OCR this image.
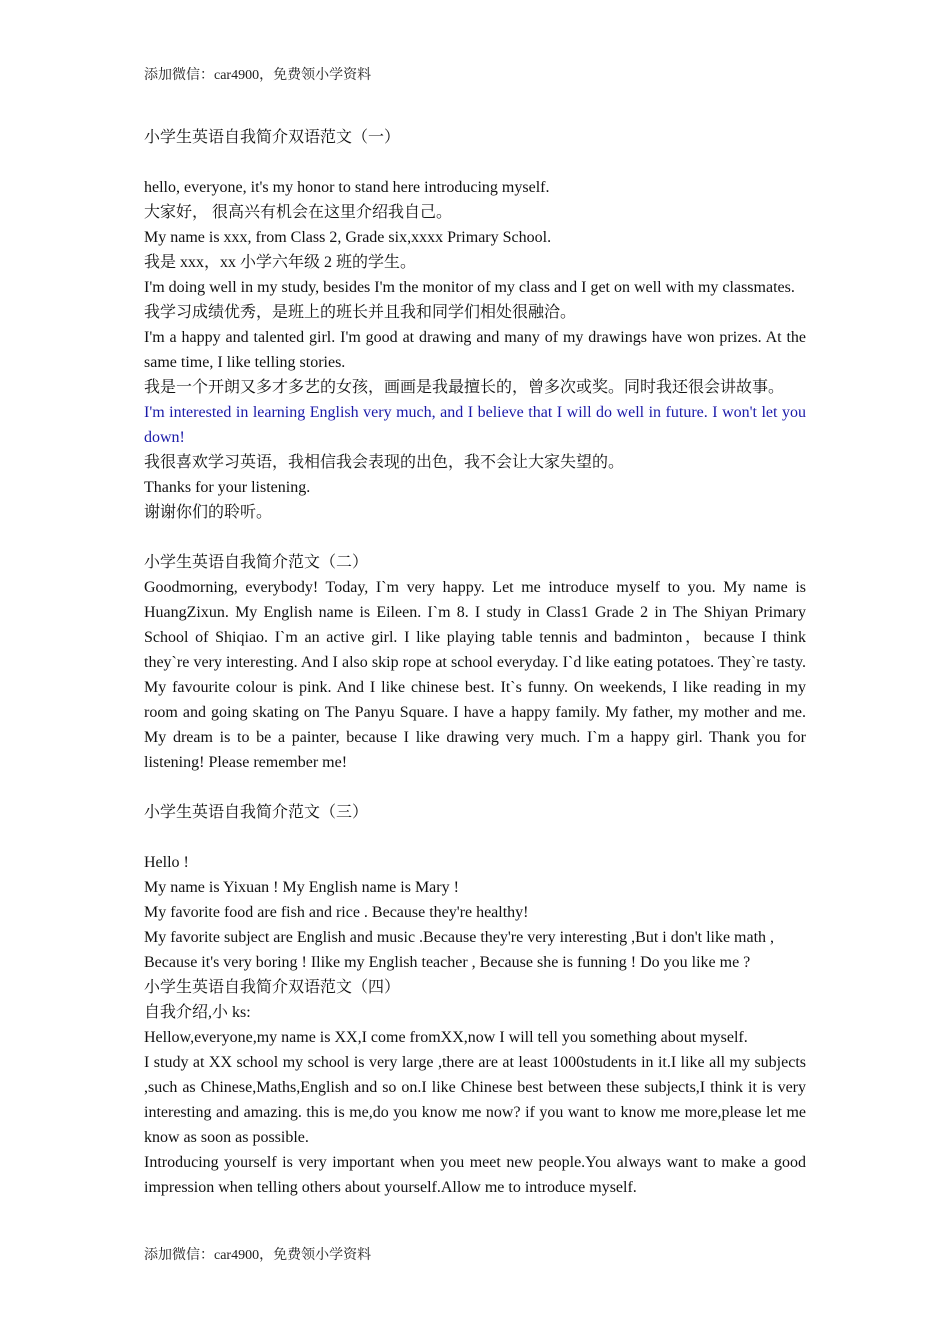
添加微信：car4900，免费领小学资料

小学生英语自我简介双语范文（一）

hello, everyone, it's my honor to stand here introducing myself.

大家好， 很高兴有机会在这里介绍我自己。

My name is xxx, from Class 2, Grade six,xxxx Primary School.

我是 xxx，xx 小学六年级 2 班的学生。

I'm doing well in my study, besides I'm the monitor of my class and I get on well with my classmates.

我学习成绩优秀，是班上的班长并且我和同学们相处很融洽。

I'm a happy and talented girl. I'm good at drawing and many of my drawings have won prizes. At the same time, I like telling stories.

我是一个开朗又多才多艺的女孩，画画是我最擅长的，曾多次或奖。同时我还很会讲故事。

I'm interested in learning English very much, and I believe that I will do well in future. I won't let you down!

我很喜欢学习英语，我相信我会表现的出色，我不会让大家失望的。

Thanks for your listening.

谢谢你们的聆听。

小学生英语自我简介范文（二）

Goodmorning, everybody! Today, I`m very happy. Let me introduce myself to you. My name is HuangZixun. My English name is Eileen. I`m 8. I study in Class1 Grade 2 in The Shiyan Primary School of Shiqiao. I`m an active girl. I like playing table tennis and badminton，because I think they`re very interesting. And I also skip rope at school everyday. I`d like eating potatoes. They`re tasty. My favourite colour is pink. And I like chinese best. It`s funny. On weekends, I like reading in my room and going skating on The Panyu Square. I have a happy family. My father, my mother and me. My dream is to be a painter, because I like drawing very much. I`m a happy girl. Thank you for listening! Please remember me!

小学生英语自我简介范文（三）

Hello !

My name is Yixuan ! My English name is Mary !

My favorite food are fish and rice . Because they're healthy!

My favorite subject are English and music .Because they're very interesting ,But i don't like math , Because it's very boring ! Ilike my English teacher , Because she is funning ! Do you like me ?

小学生英语自我简介双语范文（四）

自我介绍,小 ks:

Hellow,everyone,my name is XX,I come fromXX,now I will tell you something about myself.

I study at XX school my school is very large ,there are at least 1000students in it.I like all my subjects ,such as Chinese,Maths,English and so on.I like Chinese best between these subjects,I think it is very interesting and amazing. this is me,do you know me now? if you want to know me more,please let me know as soon as possible.

Introducing yourself is very important when you meet new people.You always want to make a good impression when telling others about yourself.Allow me to introduce myself.

添加微信：car4900，免费领小学资料
